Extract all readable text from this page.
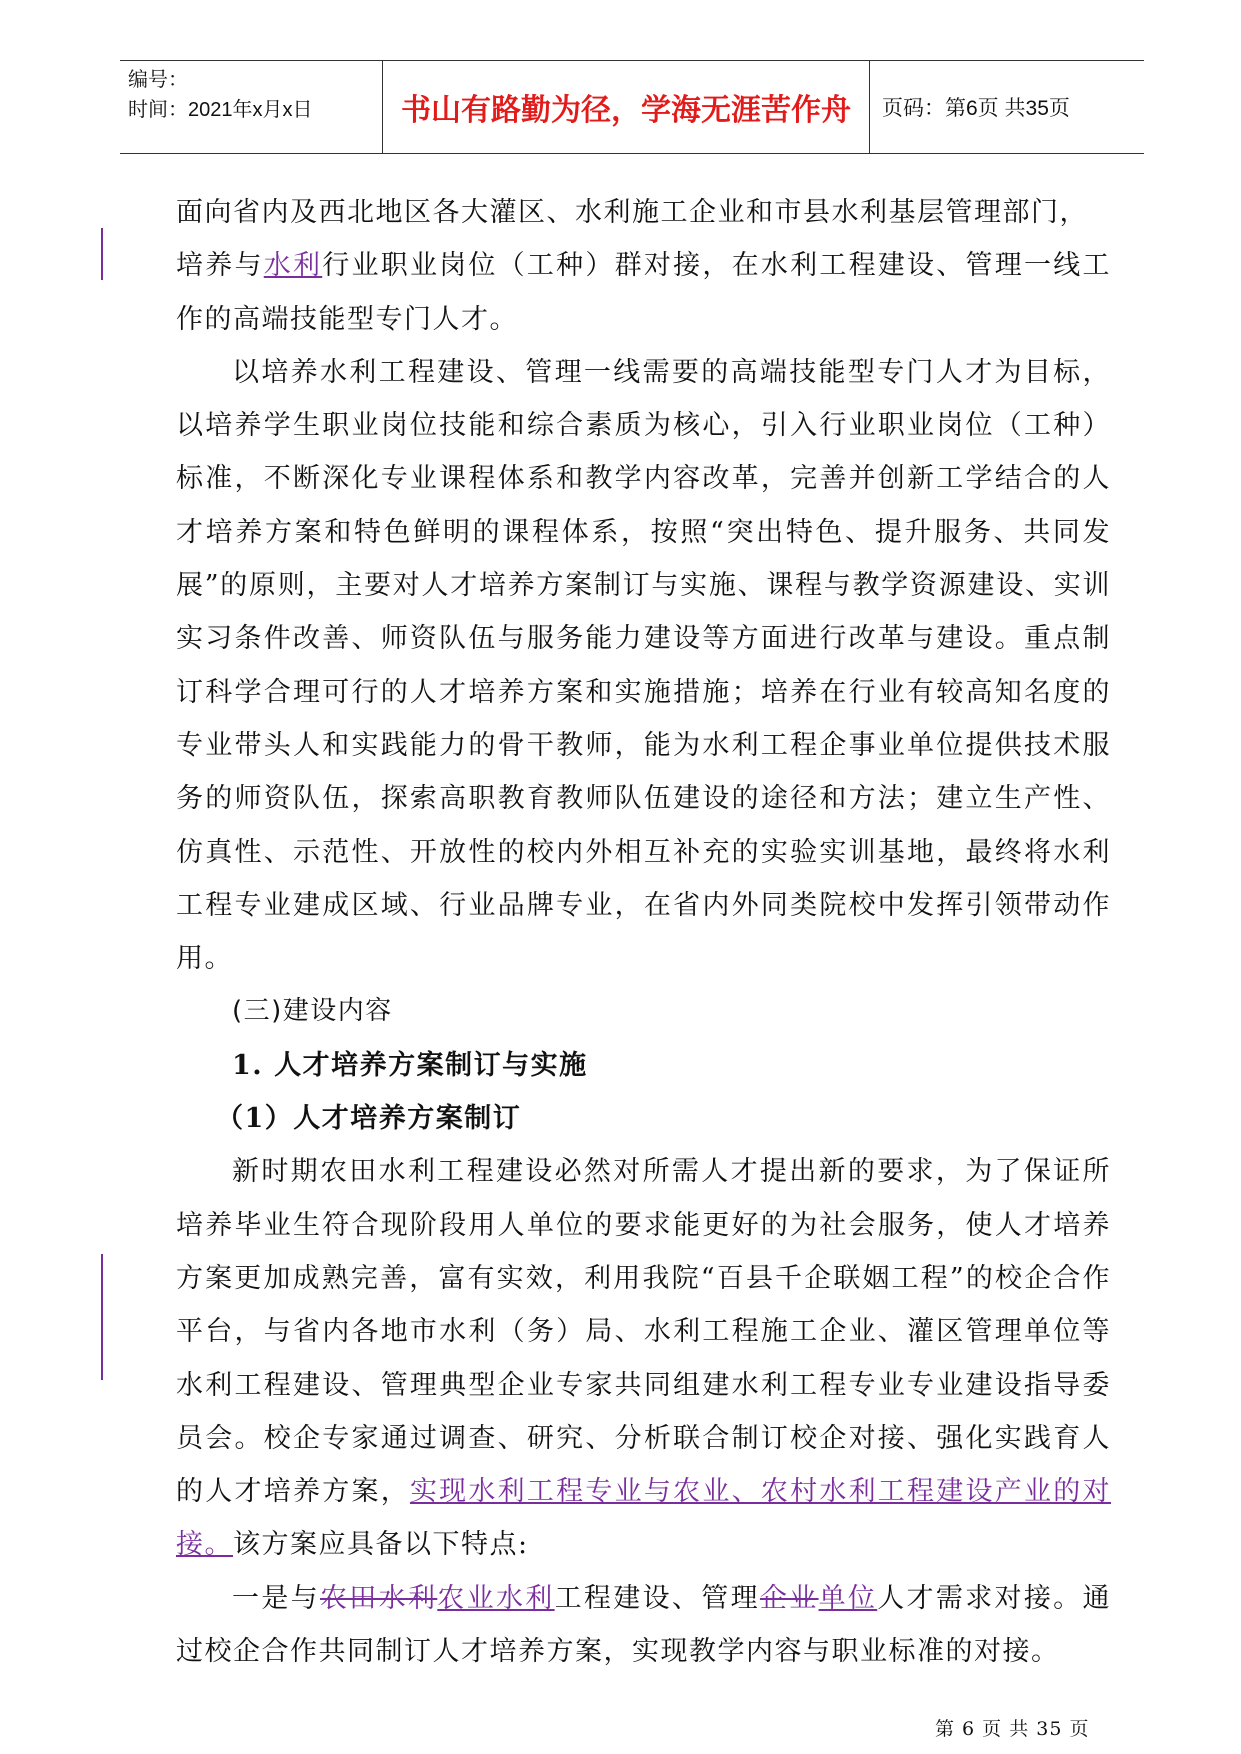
编号：
时间：2021年x月x日	书山有路勤为径，学海无涯苦作舟	页码：第6页 共35页

面向省内及西北地区各大灌区、水利施工企业和市县水利基层管理部门，
培养与水利行业职业岗位（工种）群对接，在水利工程建设、管理一线工作的高端技能型专门人才。

以培养水利工程建设、管理一线需要的高端技能型专门人才为目标，以培养学生职业岗位技能和综合素质为核心，引入行业职业岗位（工种）标准，不断深化专业课程体系和教学内容改革，完善并创新工学结合的人才培养方案和特色鲜明的课程体系，按照“突出特色、提升服务、共同发展”的原则，主要对人才培养方案制订与实施、课程与教学资源建设、实训实习条件改善、师资队伍与服务能力建设等方面进行改革与建设。重点制订科学合理可行的人才培养方案和实施措施；培养在行业有较高知名度的专业带头人和实践能力的骨干教师，能为水利工程企事业单位提供技术服务的师资队伍，探索高职教育教师队伍建设的途径和方法；建立生产性、仿真性、示范性、开放性的校内外相互补充的实验实训基地，最终将水利工程专业建成区域、行业品牌专业，在省内外同类院校中发挥引领带动作用。

(三)建设内容
1. 人才培养方案制订与实施
（1）人才培养方案制订

新时期农田水利工程建设必然对所需人才提出新的要求，为了保证所培养毕业生符合现阶段用人单位的要求能更好的为社会服务，使人才培养方案更加成熟完善，富有实效，利用我院“百县千企联姻工程”的校企合作平台，与省内各地市水利（务）局、水利工程施工企业、灌区管理单位等水利工程建设、管理典型企业专家共同组建水利工程专业专业建设指导委员会。校企专家通过调查、研究、分析联合制订校企对接、强化实践育人的人才培养方案，实现水利工程专业与农业、农村水利工程建设产业的对接。该方案应具备以下特点:

一是与农田水利农业水利工程建设、管理企业单位人才需求对接。通过校企合作共同制订人才培养方案，实现教学内容与职业标准的对接。

第 6 页 共 35 页
